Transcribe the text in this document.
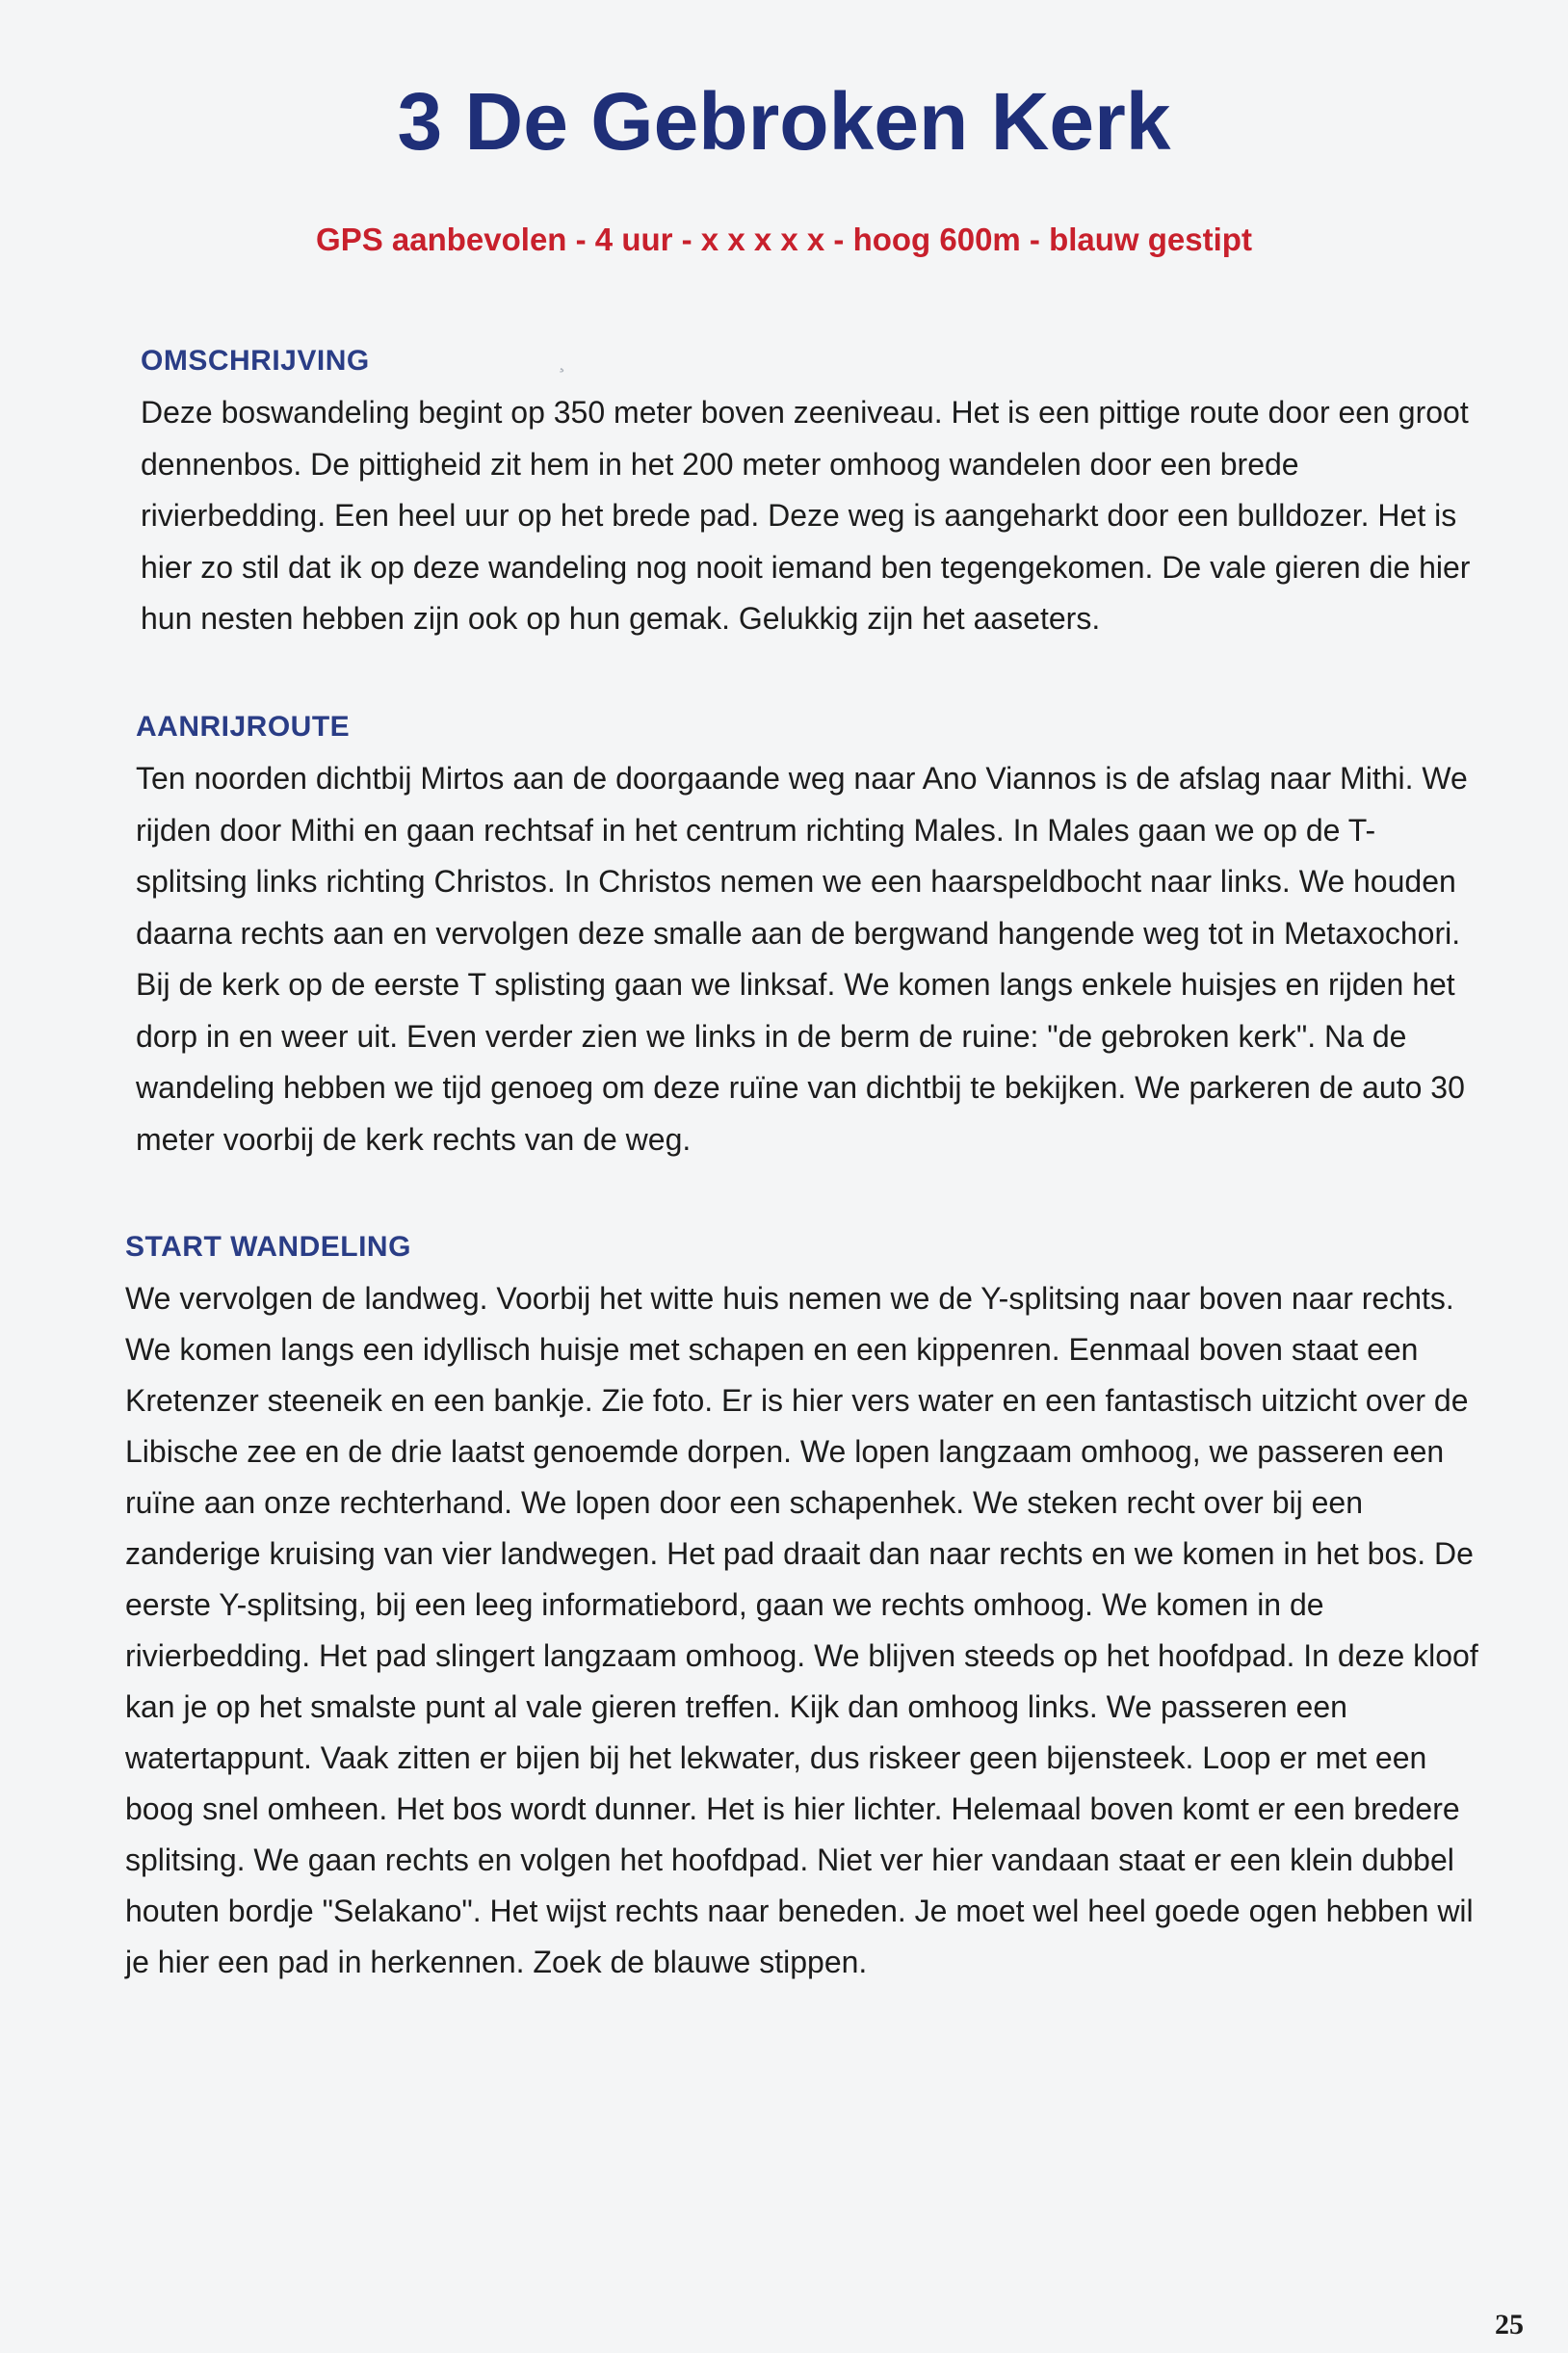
3 De Gebroken Kerk

GPS aanbevolen - 4 uur - x x x x x - hoog 600m - blauw gestipt

¸
OMSCHRIJVING

Deze boswandeling begint op 350 meter boven zeeniveau. Het is een pittige route door een groot dennenbos. De pittigheid zit hem in het 200 meter omhoog wandelen door een brede rivierbedding. Een heel uur op het brede pad. Deze weg is aangeharkt door een bulldozer. Het is hier zo stil dat ik op deze wandeling nog nooit iemand ben tegengekomen. De vale gieren die hier hun nesten hebben zijn ook op hun gemak. Gelukkig zijn het aaseters.

AANRIJROUTE

Ten noorden dichtbij Mirtos aan de doorgaande weg naar Ano Viannos is de afslag naar Mithi. We rijden door Mithi en gaan rechtsaf in het centrum richting Males. In Males gaan we op de T-splitsing links richting Christos. In Christos nemen we een haarspeldbocht naar links. We houden daarna rechts aan en vervolgen deze smalle aan de bergwand hangende weg tot in Metaxochori. Bij de kerk op de eerste T splisting gaan we linksaf. We komen langs enkele huisjes en rijden het dorp in en weer uit. Even verder zien we links in de berm de ruine: "de gebroken kerk". Na de wandeling hebben we tijd genoeg om deze ruïne van dichtbij te bekijken. We parkeren de auto 30 meter voorbij de kerk rechts van de weg.

START WANDELING

We vervolgen de landweg. Voorbij het witte huis nemen we de Y-splitsing naar boven naar rechts. We komen langs een idyllisch huisje met schapen en een kippenren. Eenmaal boven staat een Kretenzer steeneik en een bankje. Zie foto. Er is hier vers water en een fantastisch uitzicht over de Libische zee en de drie laatst genoemde dorpen. We lopen langzaam omhoog, we passeren een ruïne aan onze rechterhand. We lopen door een schapenhek. We steken recht over bij een zanderige kruising van vier landwegen. Het pad draait dan naar rechts en we komen in het bos. De eerste Y-splitsing, bij een leeg informatiebord, gaan we rechts omhoog. We komen in de rivierbedding. Het pad slingert langzaam omhoog. We blijven steeds op het hoofdpad. In deze kloof kan je op het smalste punt al vale gieren treffen. Kijk dan omhoog links. We passeren een watertappunt. Vaak zitten er bijen bij het lekwater, dus riskeer geen bijensteek. Loop er met een boog snel omheen. Het bos wordt dunner. Het is hier lichter. Helemaal boven komt er een bredere splitsing. We gaan rechts en volgen het hoofdpad. Niet ver hier vandaan staat er een klein dubbel houten bordje "Selakano". Het wijst rechts naar beneden. Je moet wel heel goede ogen hebben wil je hier een pad in herkennen. Zoek de blauwe stippen.

25
